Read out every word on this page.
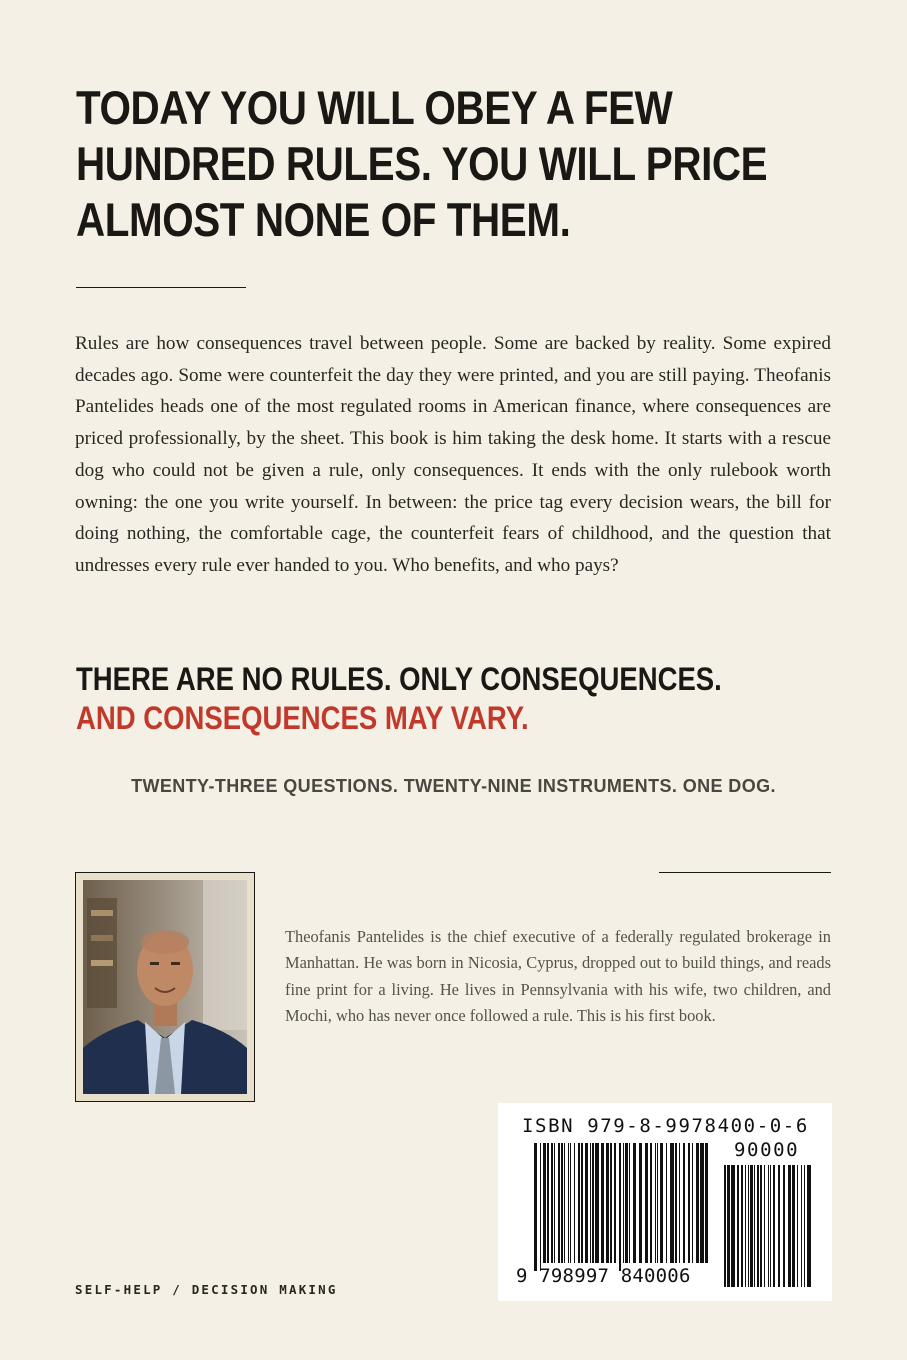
TODAY YOU WILL OBEY A FEW
HUNDRED RULES. YOU WILL PRICE
ALMOST NONE OF THEM.

Rules are how consequences travel between people. Some are backed by reality. Some expired decades ago. Some were counterfeit the day they were printed, and you are still paying. Theofanis Pantelides heads one of the most regulated rooms in American finance, where consequences are priced professionally, by the sheet. This book is him taking the desk home. It starts with a rescue dog who could not be given a rule, only consequences. It ends with the only rulebook worth owning: the one you write yourself. In between: the price tag every decision wears, the bill for doing nothing, the comfortable cage, the counterfeit fears of childhood, and the question that undresses every rule ever handed to you. Who benefits, and who pays?

THERE ARE NO RULES. ONLY CONSEQUENCES.
AND CONSEQUENCES MAY VARY.

TWENTY-THREE QUESTIONS. TWENTY-NINE INSTRUMENTS. ONE DOG.

Theofanis Pantelides is the chief executive of a federally regulated brokerage in Manhattan. He was born in Nicosia, Cyprus, dropped out to build things, and reads fine print for a living. He lives in Pennsylvania with his wife, two children, and Mochi, who has never once followed a rule. This is his first book.

ISBN 979-8-9978400-0-6
90000
9 798997 840006

SELF-HELP / DECISION MAKING
